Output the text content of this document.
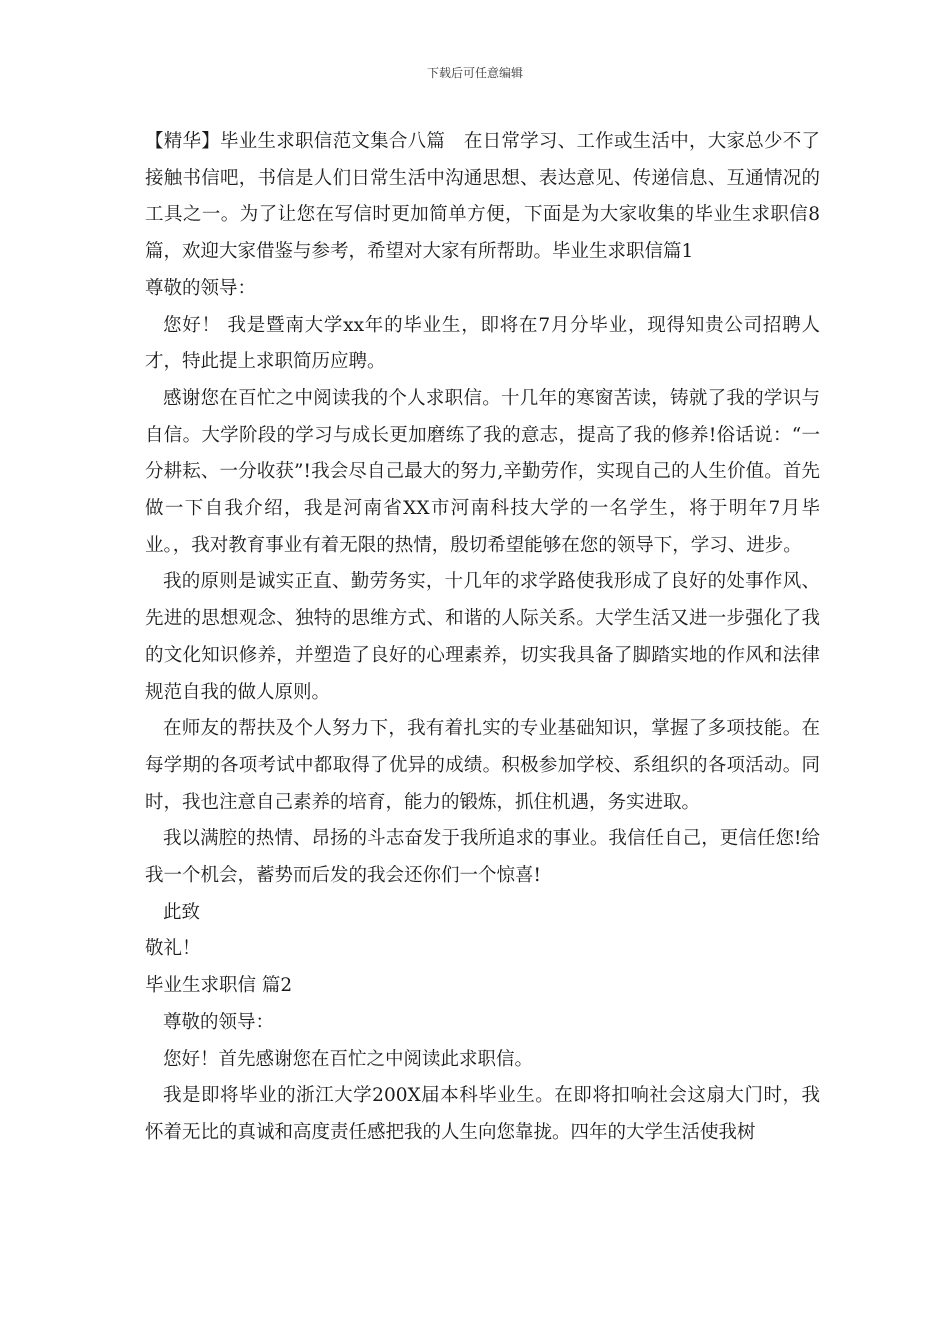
下载后可任意编辑

【精华】毕业生求职信范文集合八篇　在日常学习、工作或生活中，大家总少不了接触书信吧，书信是人们日常生活中沟通思想、表达意见、传递信息、互通情况的工具之一。为了让您在写信时更加简单方便，下面是为大家收集的毕业生求职信8篇，欢迎大家借鉴与参考，希望对大家有所帮助。毕业生求职信篇1

尊敬的领导：

您好！ 我是暨南大学xx年的毕业生，即将在7月分毕业，现得知贵公司招聘人才，特此提上求职简历应聘。

感谢您在百忙之中阅读我的个人求职信。十几年的寒窗苦读，铸就了我的学识与自信。大学阶段的学习与成长更加磨练了我的意志，提高了我的修养!俗话说：“一分耕耘、一分收获”!我会尽自己最大的努力,辛勤劳作，实现自己的人生价值。首先做一下自我介绍，我是河南省XX市河南科技大学的一名学生，将于明年7月毕业。，我对教育事业有着无限的热情，殷切希望能够在您的领导下，学习、进步。

我的原则是诚实正直、勤劳务实，十几年的求学路使我形成了良好的处事作风、先进的思想观念、独特的思维方式、和谐的人际关系。大学生活又进一步强化了我的文化知识修养，并塑造了良好的心理素养，切实我具备了脚踏实地的作风和法律规范自我的做人原则。

在师友的帮扶及个人努力下，我有着扎实的专业基础知识，掌握了多项技能。在每学期的各项考试中都取得了优异的成绩。积极参加学校、系组织的各项活动。同时，我也注意自己素养的培育，能力的锻炼，抓住机遇，务实进取。

我以满腔的热情、昂扬的斗志奋发于我所追求的事业。我信任自己，更信任您!给我一个机会，蓄势而后发的我会还你们一个惊喜!

此致

敬礼！

毕业生求职信 篇2

尊敬的领导：

您好！首先感谢您在百忙之中阅读此求职信。

我是即将毕业的浙江大学200X届本科毕业生。在即将扣响社会这扇大门时，我怀着无比的真诚和高度责任感把我的人生向您靠拢。四年的大学生活使我树
